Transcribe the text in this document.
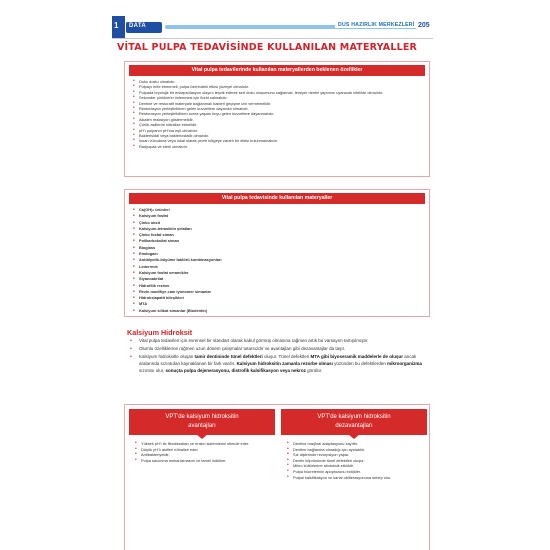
1 DATA	DUS HAZIRLIK MERKEZLERİ 205
VİTAL PULPA TEDAVİSİNDE KULLANILAN MATERYALLER
Vital pulpa tedavilerinde kullanılan materyallerden beklenen özellikler
• Doku dostu olmalıdır.
• Pulpayı irrite etmemeli, pulpa üzerindeki etkisi yüzeyel olmalıdır.
• Pulpada bryolojik bir enkapsülasyon olayını teşvik ederek sert doku oluşumunu sağlamalı, tersiyer dentin yapımını uyaracak nitelikte olmalıdır.
• Sekonder çürüklerin önlenmesi için florid salmalıdır.
• Dentine ve restoratif materyale bağlanmalı bakteri geçişine izin vermemelidir.
• Restorasyon yerleştirilirken gelen kuvvetlere dayanıklı olmalıdır.
• Restorasyon yerleştirildikten sonra yaşam boyu gelen kuvvetlere dayanmalıdır.
• Alkalen reaksiyon göstermelidir.
• Çürük asitlerini nötralize etmelidir.
• pH'ı pulpanın pH'ına eşit olmalıdır.
• Bakterisidal veya bakteriostatik olmalıdır.
• İnsan vücuduna veya lokal olarak çevre bölgeye zararlı bir etkisi bulunmamalıdır.
• Radyopak ve steril olmalıdır.
Vital pulpa tedavisinde kullanılan materyaller
• Ca(OH)₂ ürünleri
• Kalsiyum fosfat
• Çinko oksit
• Kalsiyum-tetrasiklin şelatları
• Çinko fosfat siman
• Polikarboksilat siman
• Bioglass
• Emdogain
• Antibiyotik-büyüme faktörü kombinasyonları
• Lederrmix
• Kalsiyum fosfat seramikler
• Siyanoakrilat
• Hidrofilik reziner
• Rezin modifiye cam iyonomer simanlar
• Hidroksiapatit bileşikleri
• MTA
• Kalsiyum silikat simanlar (Biodentin)
Kalsiyum Hidroksit
• Vital pulpa tedavileri için evrensel bir standart olarak kabul görmüş olmasına rağmen artık bu varsayım tartışılmıştır.
• Olumlu özelliklerine rağmen uzun dönem çalışmalar tutarsızdır ve avantajları gibi dezavantajlar da taşır.
• Kalsiyum hidroksitle oluşan tamir dentininde tünel defektleri oluşur. Tünel defektleri MTA gibi biyoseramik maddelerle de oluşur ancak aralarında sızıntıdan kaynaklanan bir fark vardır. Kalsiyum hidroksitin zamanla rezorbe olması yüzünden bu defektlerden mikroorganizma sızıntısı olur, sonuçta pulpa dejenerasyonu, distrofik kalsifikasyon veya nekroz görülür.
VPT'de kalsiyum hidroksitin
avantajları
VPT'de kalsiyum hidroksitin
dezavantajları
• Yüksek pH'ı ile fibroblastları ve ensim sistemlerini stimule eder.
• Düşük pH'lı asitleri nötralize eder.
• Antibakteriyeldir.
• Pulpa savunma mekanizmasını ve tamiri indükler.
• Dentine marjinal adaptasyonu zayıftır.
• Dentine bağlanma olmadığı için ayrılabilir.
• Sık dişlerinde rezorpsiyon yapar.
• Dentin köprüsünde tünel defektleri oluşur.
• Mikro kültürlerine sitotoksik etkilidir.
• Pulpa hücrelerinin apoptozunu indükler.
• Pulpal kalsifikasyon ve kanal obliterasyonuna sebep olur.
